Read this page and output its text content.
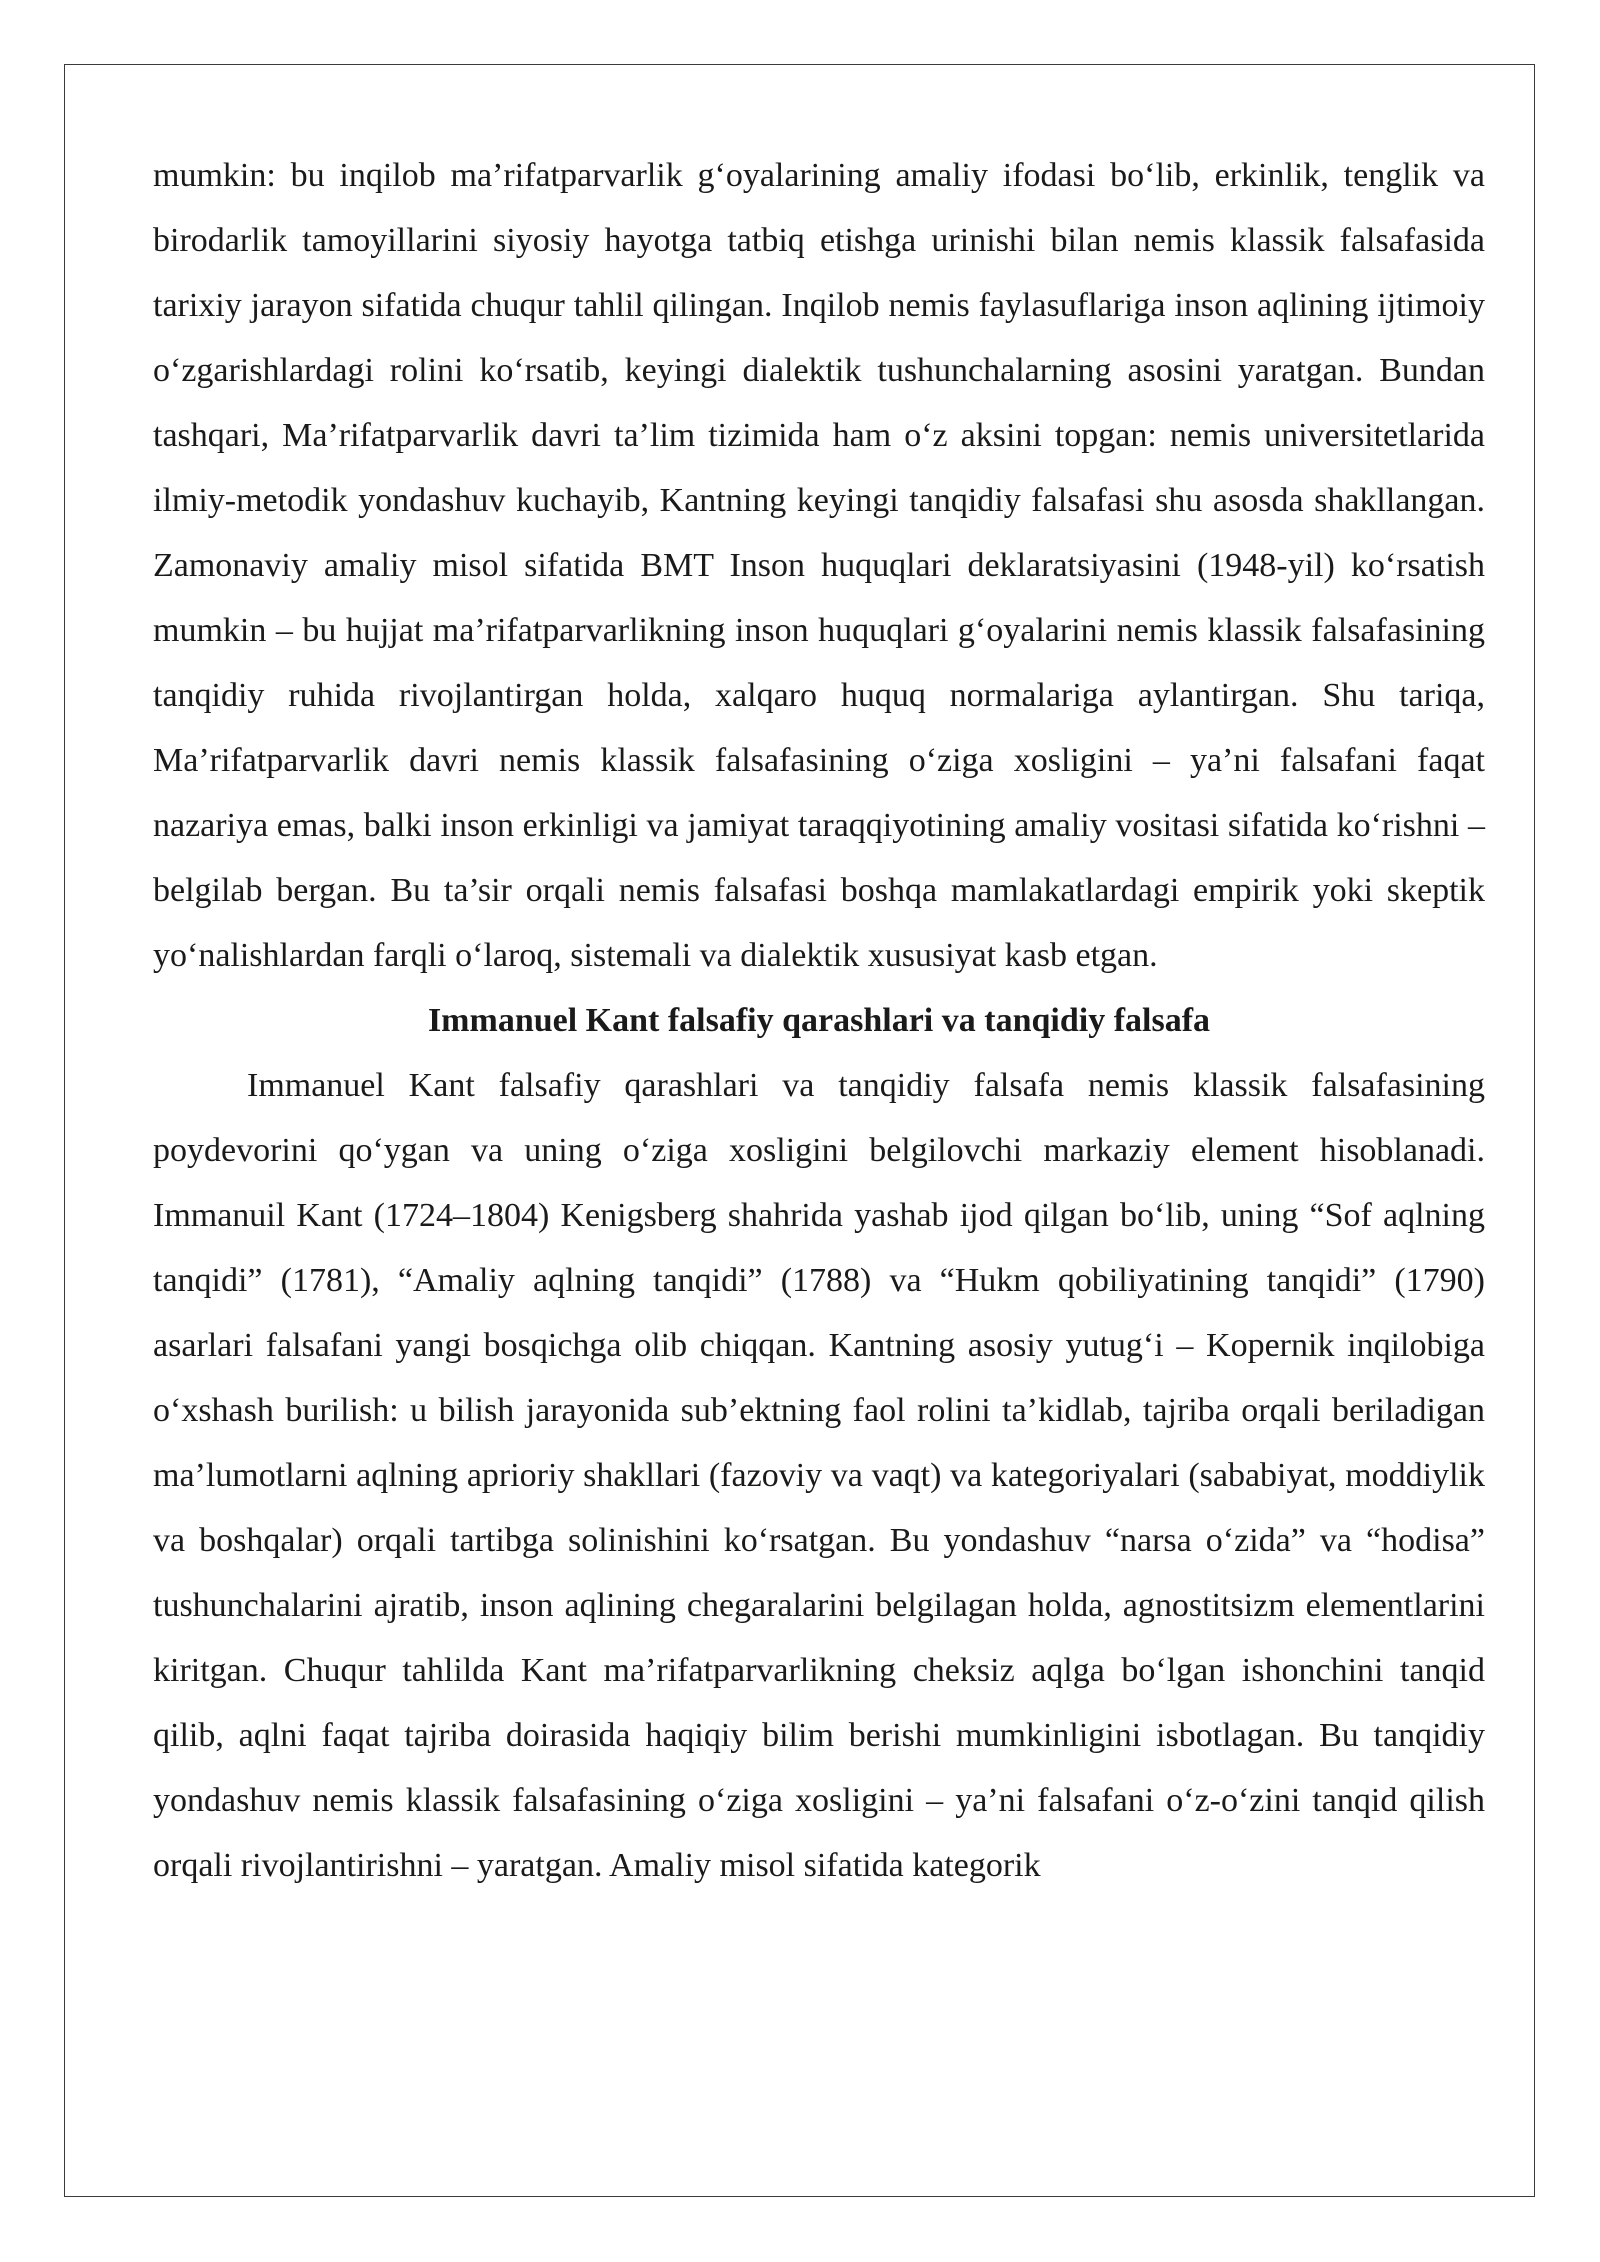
mumkin: bu inqilob ma’rifatparvarlik g‘oyalarining amaliy ifodasi bo‘lib, erkinlik, tenglik va birodarlik tamoyillarini siyosiy hayotga tatbiq etishga urinishi bilan nemis klassik falsafasida tarixiy jarayon sifatida chuqur tahlil qilingan. Inqilob nemis faylasuflariga inson aqlining ijtimoiy o‘zgarishlardagi rolini ko‘rsatib, keyingi dialektik tushunchalarning asosini yaratgan. Bundan tashqari, Ma’rifatparvarlik davri ta’lim tizimida ham o‘z aksini topgan: nemis universitetlarida ilmiy-metodik yondashuv kuchayib, Kantning keyingi tanqidiy falsafasi shu asosda shakllangan. Zamonaviy amaliy misol sifatida BMT Inson huquqlari deklaratsiyasini (1948-yil) ko‘rsatish mumkin – bu hujjat ma’rifatparvarlikning inson huquqlari g‘oyalarini nemis klassik falsafasining tanqidiy ruhida rivojlantirgan holda, xalqaro huquq normalariga aylantirgan. Shu tariqa, Ma’rifatparvarlik davri nemis klassik falsafasining o‘ziga xosligini – ya’ni falsafani faqat nazariya emas, balki inson erkinligi va jamiyat taraqqiyotining amaliy vositasi sifatida ko‘rishni – belgilab bergan. Bu ta’sir orqali nemis falsafasi boshqa mamlakatlardagi empirik yoki skeptik yo‘nalishlardan farqli o‘laroq, sistemali va dialektik xususiyat kasb etgan.

Immanuel Kant falsafiy qarashlari va tanqidiy falsafa

Immanuel Kant falsafiy qarashlari va tanqidiy falsafa nemis klassik falsafasining poydevorini qo‘ygan va uning o‘ziga xosligini belgilovchi markaziy element hisoblanadi. Immanuil Kant (1724–1804) Kenigsberg shahrida yashab ijod qilgan bo‘lib, uning “Sof aqlning tanqidi” (1781), “Amaliy aqlning tanqidi” (1788) va “Hukm qobiliyatining tanqidi” (1790) asarlari falsafani yangi bosqichga olib chiqqan. Kantning asosiy yutug‘i – Kopernik inqilobiga o‘xshash burilish: u bilish jarayonida sub’ektning faol rolini ta’kidlab, tajriba orqali beriladigan ma’lumotlarni aqlning aprioriy shakllari (fazoviy va vaqt) va kategoriyalari (sababiyat, moddiylik va boshqalar) orqali tartibga solinishini ko‘rsatgan. Bu yondashuv “narsa o‘zida” va “hodisa” tushunchalarini ajratib, inson aqlining chegaralarini belgilagan holda, agnostitsizm elementlarini kiritgan. Chuqur tahlilda Kant ma’rifatparvarlikning cheksiz aqlga bo‘lgan ishonchini tanqid qilib, aqlni faqat tajriba doirasida haqiqiy bilim berishi mumkinligini isbotlagan. Bu tanqidiy yondashuv nemis klassik falsafasining o‘ziga xosligini – ya’ni falsafani o‘z-o‘zini tanqid qilish orqali rivojlantirishni – yaratgan. Amaliy misol sifatida kategorik
